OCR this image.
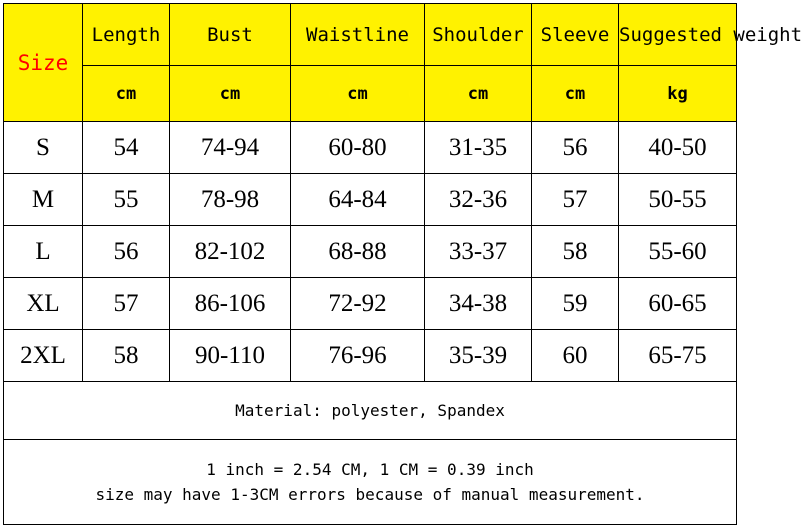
Size	Length	Bust	Waistline	Shoulder	Sleeve	Suggested weight
	cm	cm	cm	cm	cm	kg
S	54	74-94	60-80	31-35	56	40-50
M	55	78-98	64-84	32-36	57	50-55
L	56	82-102	68-88	33-37	58	55-60
XL	57	86-106	72-92	34-38	59	60-65
2XL	58	90-110	76-96	35-39	60	65-75
Material: polyester, Spandex						

1 inch = 2.54 CM, 1 CM = 0.39 inch
size may have 1-3CM errors because of manual measurement.						
